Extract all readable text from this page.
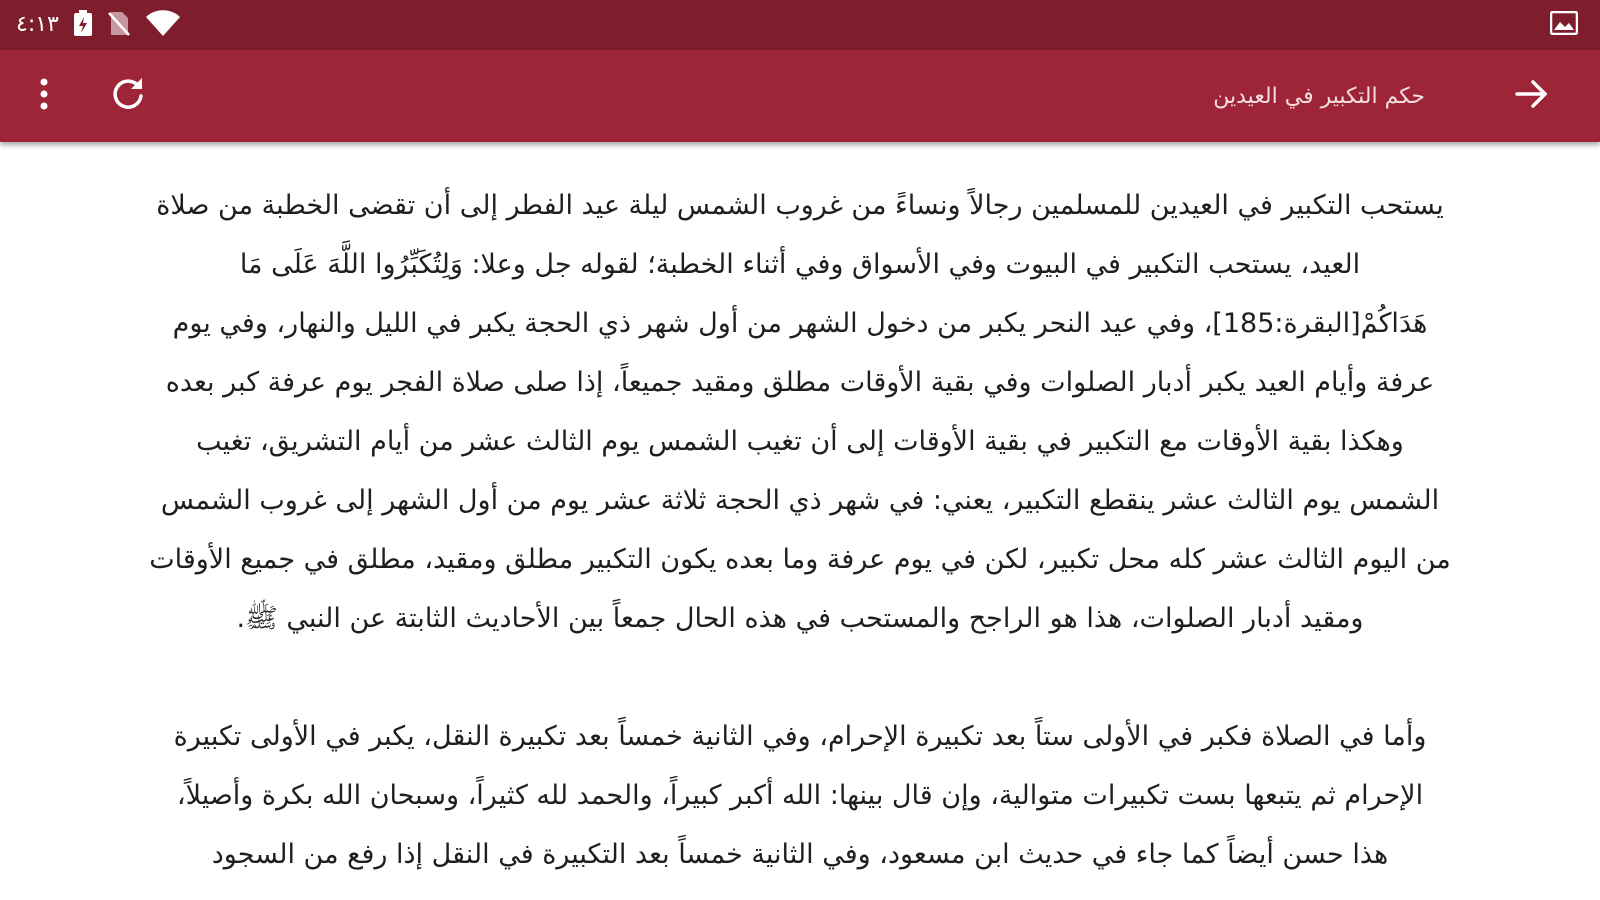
٤:١٣
حكم التكبير في العيدين

يستحب التكبير في العيدين للمسلمين رجالاً ونساءً من غروب الشمس ليلة عيد الفطر إلى أن تقضى الخطبة من صلاة
العيد، يستحب التكبير في البيوت وفي الأسواق وفي أثناء الخطبة؛ لقوله جل وعلا: وَلِتُكَبِّرُوا اللَّهَ عَلَى مَا
هَدَاكُمْ[البقرة:185]، وفي عيد النحر يكبر من دخول الشهر من أول شهر ذي الحجة يكبر في الليل والنهار، وفي يوم
عرفة وأيام العيد يكبر أدبار الصلوات وفي بقية الأوقات مطلق ومقيد جميعاً، إذا صلى صلاة الفجر يوم عرفة كبر بعده
وهكذا بقية الأوقات مع التكبير في بقية الأوقات إلى أن تغيب الشمس يوم الثالث عشر من أيام التشريق، تغيب
الشمس يوم الثالث عشر ينقطع التكبير، يعني: في شهر ذي الحجة ثلاثة عشر يوم من أول الشهر إلى غروب الشمس
من اليوم الثالث عشر كله محل تكبير، لكن في يوم عرفة وما بعده يكون التكبير مطلق ومقيد، مطلق في جميع الأوقات
ومقيد أدبار الصلوات، هذا هو الراجح والمستحب في هذه الحال جمعاً بين الأحاديث الثابتة عن النبي ﷺ.

وأما في الصلاة فكبر في الأولى ستاً بعد تكبيرة الإحرام، وفي الثانية خمساً بعد تكبيرة النقل، يكبر في الأولى تكبيرة
الإحرام ثم يتبعها بست تكبيرات متوالية، وإن قال بينها: الله أكبر كبيراً، والحمد لله كثيراً، وسبحان الله بكرة وأصيلاً،
هذا حسن أيضاً كما جاء في حديث ابن مسعود، وفي الثانية خمساً بعد التكبيرة في النقل إذا رفع من السجود
